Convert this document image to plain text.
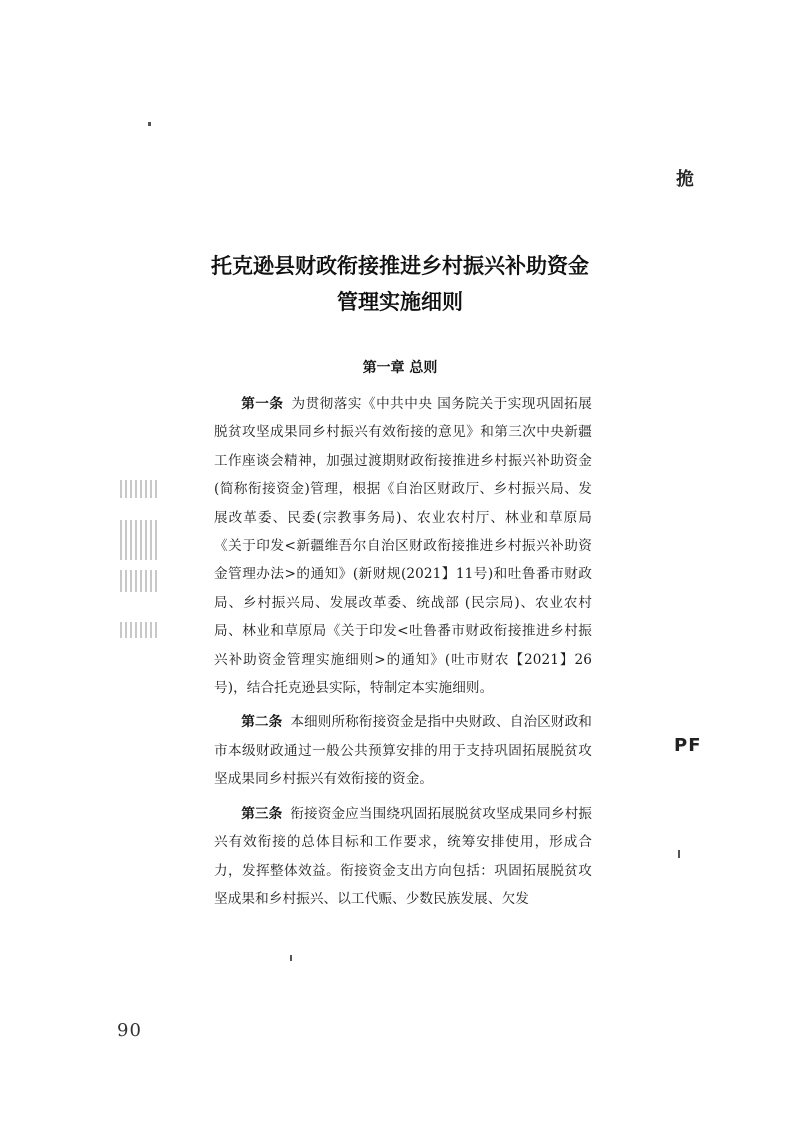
托克逊县财政衔接推进乡村振兴补助资金
管理实施细则
第一章 总则

第一条 为贯彻落实《中共中央 国务院关于实现巩固拓展脱贫攻坚成果同乡村振兴有效衔接的意见》和第三次中央新疆工作座谈会精神，加强过渡期财政衔接推进乡村振兴补助资金(简称衔接资金)管理，根据《自治区财政厅、乡村振兴局、发展改革委、民委(宗教事务局)、农业农村厅、林业和草原局《关于印发<新疆维吾尔自治区财政衔接推进乡村振兴补助资金管理办法>的通知》(新财规(2021】11号)和吐鲁番市财政局、乡村振兴局、发展改革委、统战部 (民宗局)、农业农村局、林业和草原局《关于印发<吐鲁番市财政衔接推进乡村振兴补助资金管理实施细则>的通知》(吐市财农【2021】26号)，结合托克逊县实际，特制定本实施细则。

第二条 本细则所称衔接资金是指中央财政、自治区财政和市本级财政通过一般公共预算安排的用于支持巩固拓展脱贫攻坚成果同乡村振兴有效衔接的资金。

第三条 衔接资金应当围绕巩固拓展脱贫攻坚成果同乡村振兴有效衔接的总体目标和工作要求，统筹安排使用，形成合力，发挥整体效益。衔接资金支出方向包括：巩固拓展脱贫攻坚成果和乡村振兴、以工代赈、少数民族发展、欠发

90
㧪
PF
